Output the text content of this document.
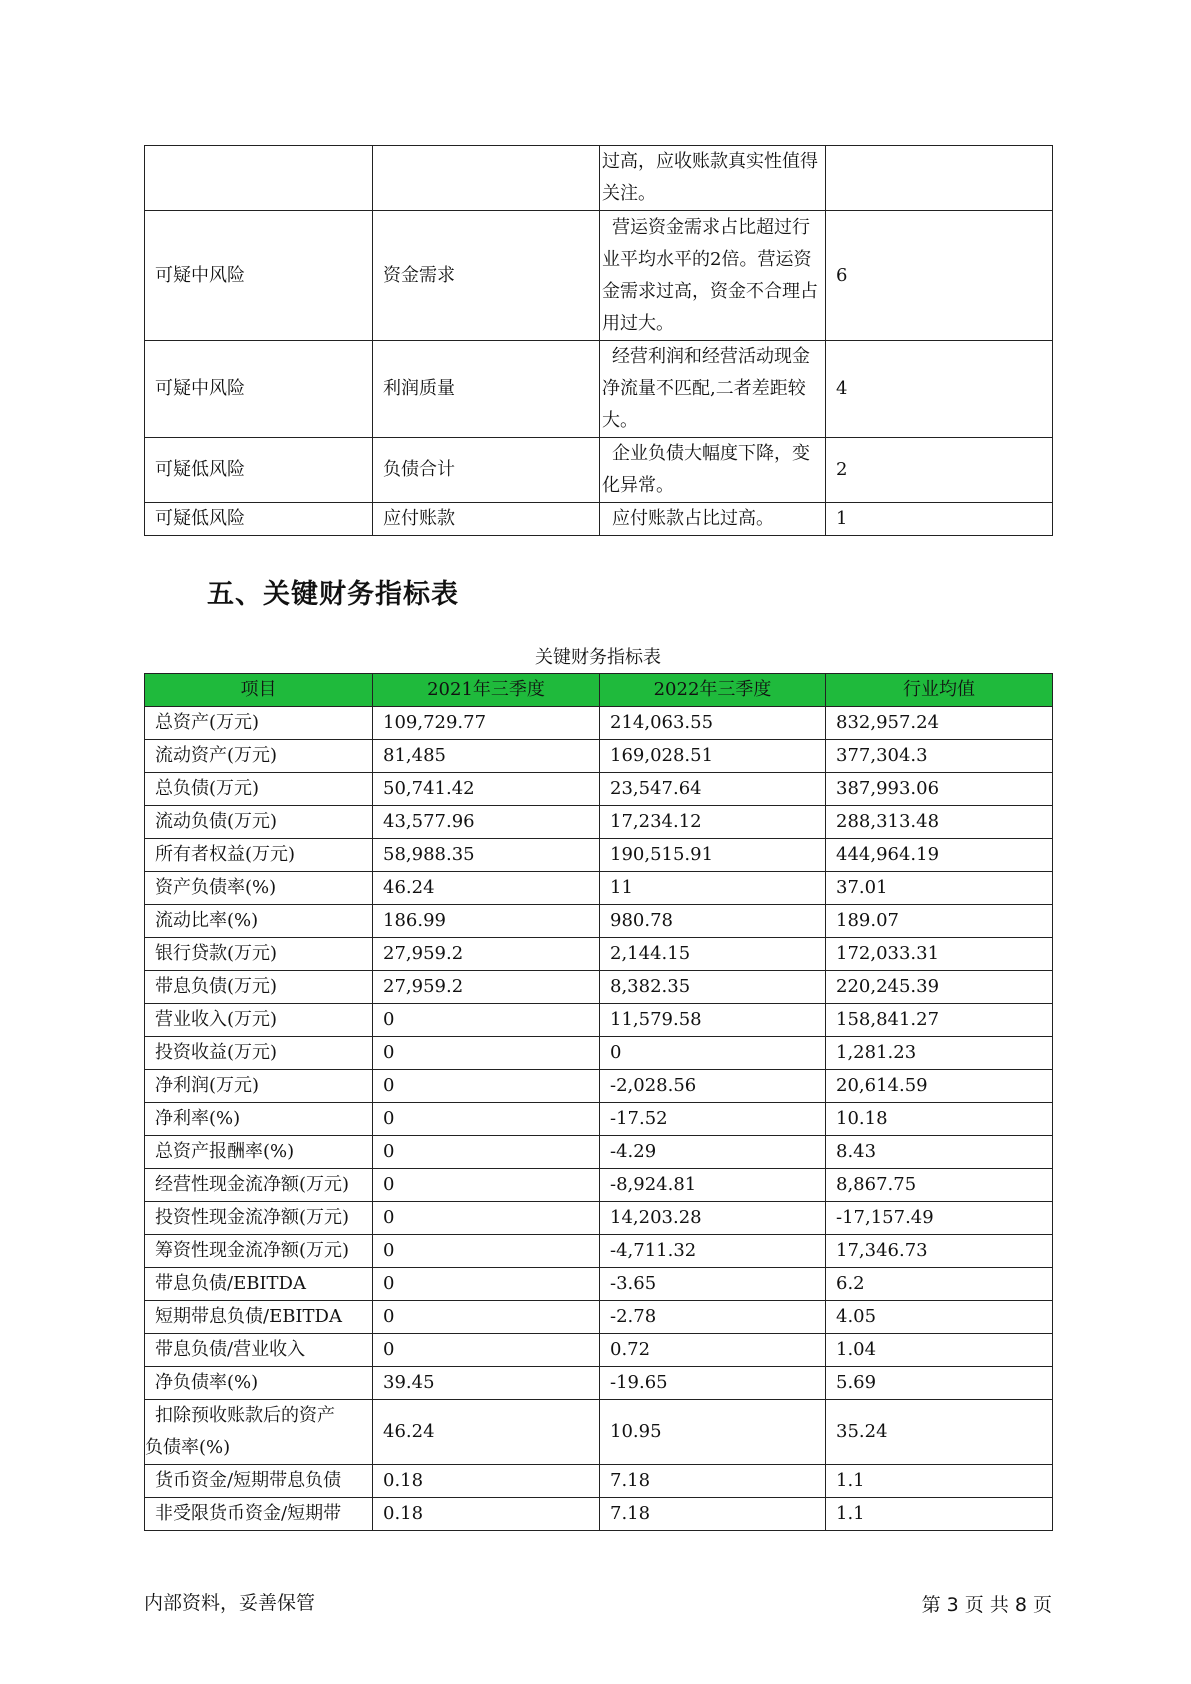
		过高，应收账款真实性值得关注。	
可疑中风险	资金需求	营运资金需求占比超过行业平均水平的2倍。营运资金需求过高，资金不合理占用过大。	6
可疑中风险	利润质量	经营利润和经营活动现金净流量不匹配,二者差距较大。	4
可疑低风险	负债合计	企业负债大幅度下降，变化异常。	2
可疑低风险	应付账款	应付账款占比过高。	1
五、关键财务指标表
关键财务指标表
项目	2021年三季度	2022年三季度	行业均值
总资产(万元)	109,729.77	214,063.55	832,957.24
流动资产(万元)	81,485	169,028.51	377,304.3
总负债(万元)	50,741.42	23,547.64	387,993.06
流动负债(万元)	43,577.96	17,234.12	288,313.48
所有者权益(万元)	58,988.35	190,515.91	444,964.19
资产负债率(%)	46.24	11	37.01
流动比率(%)	186.99	980.78	189.07
银行贷款(万元)	27,959.2	2,144.15	172,033.31
带息负债(万元)	27,959.2	8,382.35	220,245.39
营业收入(万元)	0	11,579.58	158,841.27
投资收益(万元)	0	0	1,281.23
净利润(万元)	0	-2,028.56	20,614.59
净利率(%)	0	-17.52	10.18
总资产报酬率(%)	0	-4.29	8.43
经营性现金流净额(万元)	0	-8,924.81	8,867.75
投资性现金流净额(万元)	0	14,203.28	-17,157.49
筹资性现金流净额(万元)	0	-4,711.32	17,346.73
带息负债/EBITDA	0	-3.65	6.2
短期带息负债/EBITDA	0	-2.78	4.05
带息负债/营业收入	0	0.72	1.04
净负债率(%)	39.45	-19.65	5.69

扣除预收账款后的资产
负债率(%)	46.24	10.95	35.24
货币资金/短期带息负债	0.18	7.18	1.1
非受限货币资金/短期带	0.18	7.18	1.1
内部资料，妥善保管	第 3 页 共 8 页
